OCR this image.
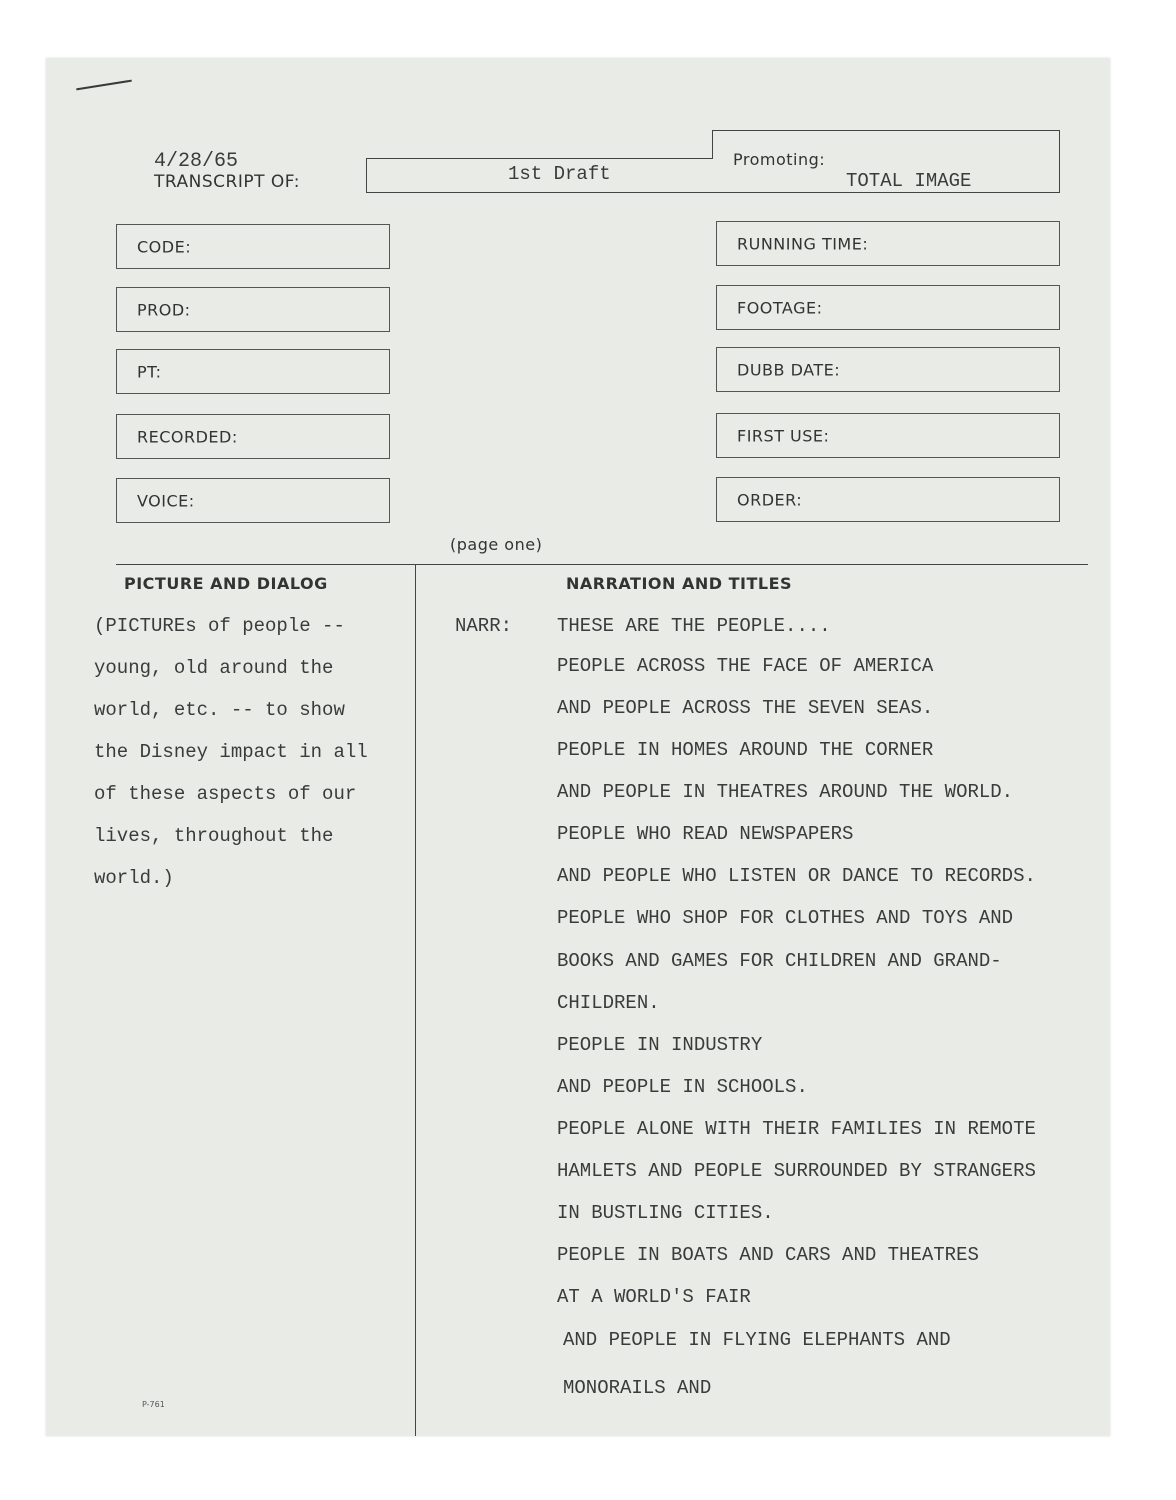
4/28/65
TRANSCRIPT OF:	1st Draft
Promoting:
TOTAL IMAGE
CODE:
PROD:
PT:
RECORDED:
VOICE:
RUNNING TIME:
FOOTAGE:
DUBB DATE:
FIRST USE:
ORDER:
(page one)
PICTURE AND DIALOG	NARRATION AND TITLES
(PICTUREs of people --
young, old around the
world, etc. -- to show
the Disney impact in all
of these aspects of our
lives, throughout the
world.)
NARR: THESE ARE THE PEOPLE....
PEOPLE ACROSS THE FACE OF AMERICA
AND PEOPLE ACROSS THE SEVEN SEAS.
PEOPLE IN HOMES AROUND THE CORNER
AND PEOPLE IN THEATRES AROUND THE WORLD.
PEOPLE WHO READ NEWSPAPERS
AND PEOPLE WHO LISTEN OR DANCE TO RECORDS.
PEOPLE WHO SHOP FOR CLOTHES AND TOYS AND
BOOKS AND GAMES FOR CHILDREN AND GRAND-
CHILDREN.
PEOPLE IN INDUSTRY
AND PEOPLE IN SCHOOLS.
PEOPLE ALONE WITH THEIR FAMILIES IN REMOTE
HAMLETS AND PEOPLE SURROUNDED BY STRANGERS
IN BUSTLING CITIES.
PEOPLE IN BOATS AND CARS AND THEATRES
AT A WORLD'S FAIR
AND PEOPLE IN FLYING ELEPHANTS AND
MONORAILS AND
P-761
